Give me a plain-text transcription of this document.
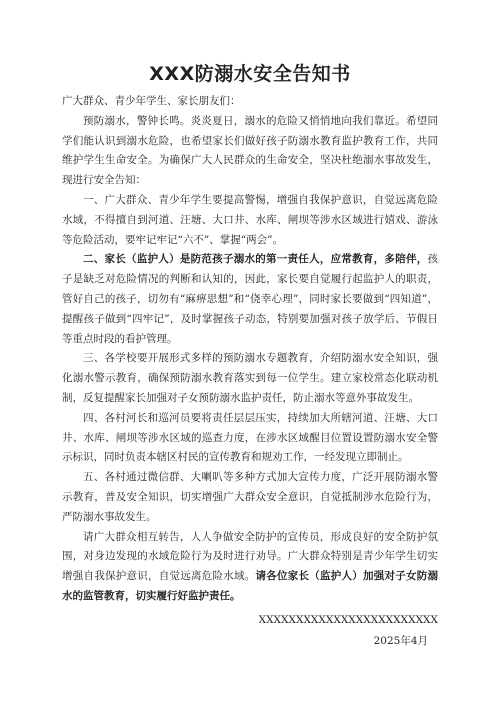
XXX防溺水安全告知书

广大群众、青少年学生、家长朋友们：

预防溺水，警钟长鸣。炎炎夏日，溺水的危险又悄悄地向我们靠近。希望同学们能认识到溺水危险，也希望家长们做好孩子防溺水教育监护教育工作，共同维护学生生命安全。为确保广大人民群众的生命安全，坚决杜绝溺水事故发生，现进行安全告知：

一、广大群众、青少年学生要提高警惕，增强自我保护意识，自觉远离危险水域，不得擅自到河道、汪塘、大口井、水库、闸坝等涉水区域进行嬉戏、游泳等危险活动，要牢记牢记“六不”、掌握“两会”。

二、家长（监护人）是防范孩子溺水的第一责任人，应常教育，多陪伴，孩子是缺乏对危险情况的判断和认知的，因此，家长要自觉履行起监护人的职责，管好自己的孩子，切勿有“麻痹思想”和“侥幸心理”，同时家长要做到“四知道”，提醒孩子做到“四牢记”，及时掌握孩子动态，特别要加强对孩子放学后、节假日等重点时段的看护管理。

三、各学校要开展形式多样的预防溺水专题教育，介绍防溺水安全知识，强化溺水警示教育，确保预防溺水教育落实到每一位学生。建立家校常态化联动机制，反复提醒家长加强对子女预防溺水监护责任，防止溺水等意外事故发生。

四、各村河长和巡河员要将责任层层压实，持续加大所辖河道、汪塘、大口井、水库、闸坝等涉水区域的巡查力度，在涉水区域醒目位置设置防溺水安全警示标识，同时负责本辖区村民的宣传教育和规劝工作，一经发现立即制止。

五、各村通过微信群、大喇叭等多种方式加大宣传力度，广泛开展防溺水警示教育，普及安全知识，切实增强广大群众安全意识，自觉抵制涉水危险行为，严防溺水事故发生。

请广大群众相互转告，人人争做安全防护的宣传员，形成良好的安全防护氛围，对身边发现的水域危险行为及时进行劝导。广大群众特别是青少年学生切实增强自我保护意识，自觉远离危险水域。请各位家长（监护人）加强对子女防溺水的监管教育，切实履行好监护责任。

XXXXXXXXXXXXXXXXXXXXXXXX

2025年4月
